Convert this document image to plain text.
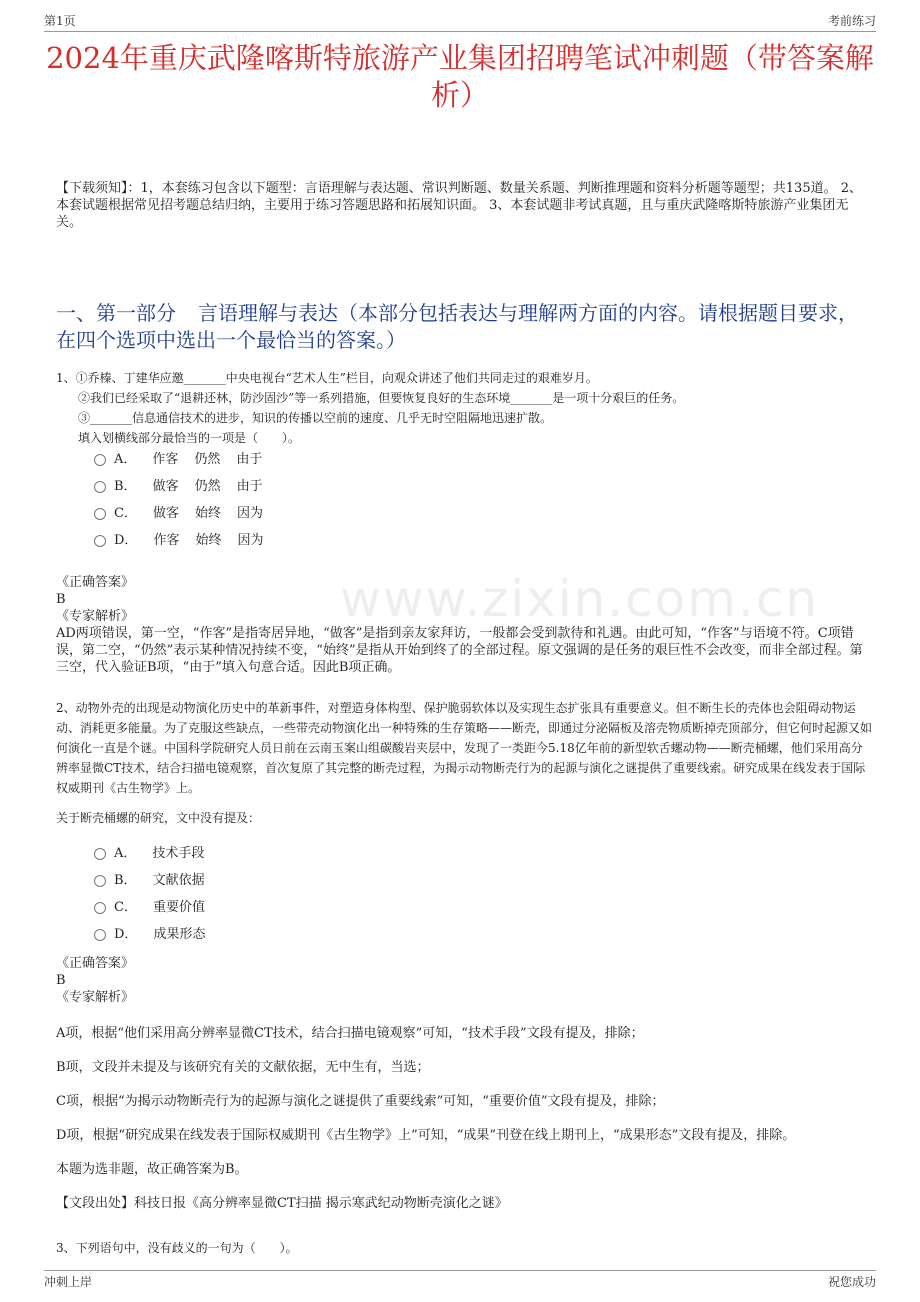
第1页	考前练习
2024年重庆武隆喀斯特旅游产业集团招聘笔试冲刺题（带答案解析）
【下载须知】：1，本套练习包含以下题型：言语理解与表达题、常识判断题、数量关系题、判断推理题和资料分析题等题型；共135道。 2、本套试题根据常见招考题总结归纳，主要用于练习答题思路和拓展知识面。 3、本套试题非考试真题，且与重庆武隆喀斯特旅游产业集团无关。
一、第一部分 言语理解与表达（本部分包括表达与理解两方面的内容。请根据题目要求，在四个选项中选出一个最恰当的答案。）
www.zixin.com.cn

1、①乔榛、丁建华应邀_______中央电视台“艺术人生”栏目，向观众讲述了他们共同走过的艰难岁月。

②我们已经采取了“退耕还林，防沙固沙”等一系列措施，但要恢复良好的生态环境_______是一项十分艰巨的任务。

③_______信息通信技术的进步，知识的传播以空前的速度、几乎无时空阻隔地迅速扩散。

填入划横线部分最恰当的一项是（　　）。

A． 作客 仍然 由于
B． 做客 仍然 由于
C． 做客 始终 因为
D． 作客 始终 因为

《正确答案》

B

《专家解析》

AD两项错误，第一空，“作客”是指寄居异地，“做客”是指到亲友家拜访，一般都会受到款待和礼遇。由此可知，“作客”与语境不符。C项错误，第二空，“仍然”表示某种情况持续不变，“始终”是指从开始到终了的全部过程。原文强调的是任务的艰巨性不会改变，而非全部过程。第三空，代入验证B项，“由于”填入句意合适。因此B项正确。

2、动物外壳的出现是动物演化历史中的革新事件，对塑造身体构型、保护脆弱软体以及实现生态扩张具有重要意义。但不断生长的壳体也会阻碍动物运动、消耗更多能量。为了克服这些缺点，一些带壳动物演化出一种特殊的生存策略——断壳，即通过分泌隔板及溶壳物质断掉壳顶部分，但它何时起源又如何演化一直是个谜。中国科学院研究人员日前在云南玉案山组碳酸岩夹层中，发现了一类距今5.18亿年前的新型软舌螺动物——断壳桶螺，他们采用高分辨率显微CT技术，结合扫描电镜观察，首次复原了其完整的断壳过程，为揭示动物断壳行为的起源与演化之谜提供了重要线索。研究成果在线发表于国际权威期刊《古生物学》上。
关于断壳桶螺的研究，文中没有提及：
A． 技术手段
B． 文献依据
C． 重要价值
D． 成果形态

《正确答案》

B

《专家解析》

A项，根据“他们采用高分辨率显微CT技术，结合扫描电镜观察”可知，“技术手段”文段有提及，排除；

B项，文段并未提及与该研究有关的文献依据，无中生有，当选；

C项，根据“为揭示动物断壳行为的起源与演化之谜提供了重要线索”可知，“重要价值”文段有提及，排除；

D项，根据“研究成果在线发表于国际权威期刊《古生物学》上”可知，“成果”刊登在线上期刊上，“成果形态”文段有提及，排除。

本题为选非题，故正确答案为B。

【文段出处】科技日报《高分辨率显微CT扫描 揭示寒武纪动物断壳演化之谜》

3、下列语句中，没有歧义的一句为（　　）。
冲刺上岸	祝您成功
